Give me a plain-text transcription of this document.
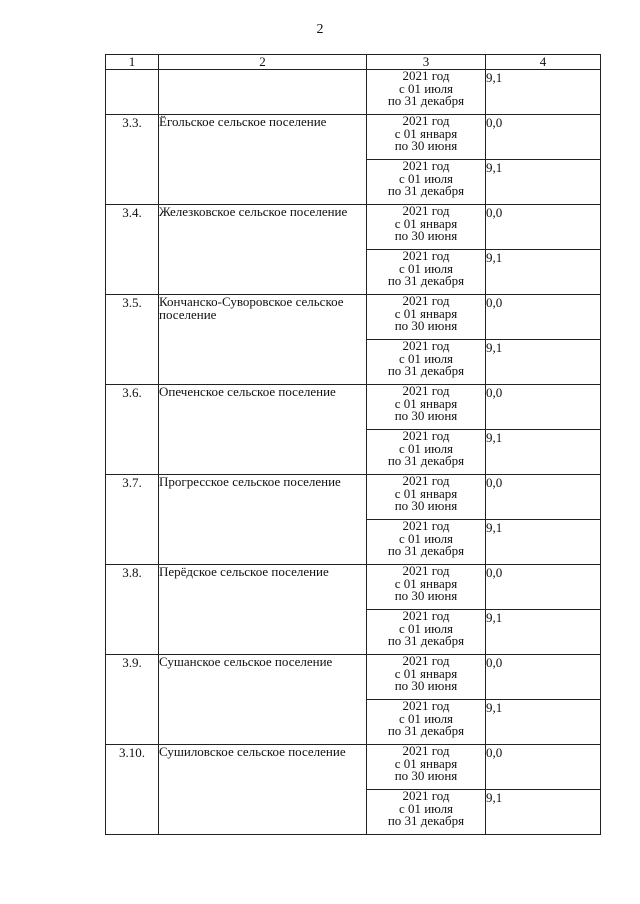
2
1	2	3	4

		2021 год
с 01 июля
по 31 декабря	9,1
3.3.	Ёгольское сельское поселение	2021 год
с 01 января
по 30 июня	0,0

		2021 год
с 01 июля
по 31 декабря	9,1
3.4.	Железковское сельское поселение	2021 год
с 01 января
по 30 июня	0,0

		2021 год
с 01 июля
по 31 декабря	9,1
3.5.	Кончанско-Суворовское сельское поселение	2021 год
с 01 января
по 30 июня	0,0

		2021 год
с 01 июля
по 31 декабря	9,1
3.6.	Опеченское сельское поселение	2021 год
с 01 января
по 30 июня	0,0

		2021 год
с 01 июля
по 31 декабря	9,1
3.7.	Прогресское сельское поселение	2021 год
с 01 января
по 30 июня	0,0

		2021 год
с 01 июля
по 31 декабря	9,1
3.8.	Перёдское сельское поселение	2021 год
с 01 января
по 30 июня	0,0

		2021 год
с 01 июля
по 31 декабря	9,1
3.9.	Сушанское сельское поселение	2021 год
с 01 января
по 30 июня	0,0

		2021 год
с 01 июля
по 31 декабря	9,1
3.10.	Сушиловское сельское поселение	2021 год
с 01 января
по 30 июня	0,0

		2021 год
с 01 июля
по 31 декабря	9,1
